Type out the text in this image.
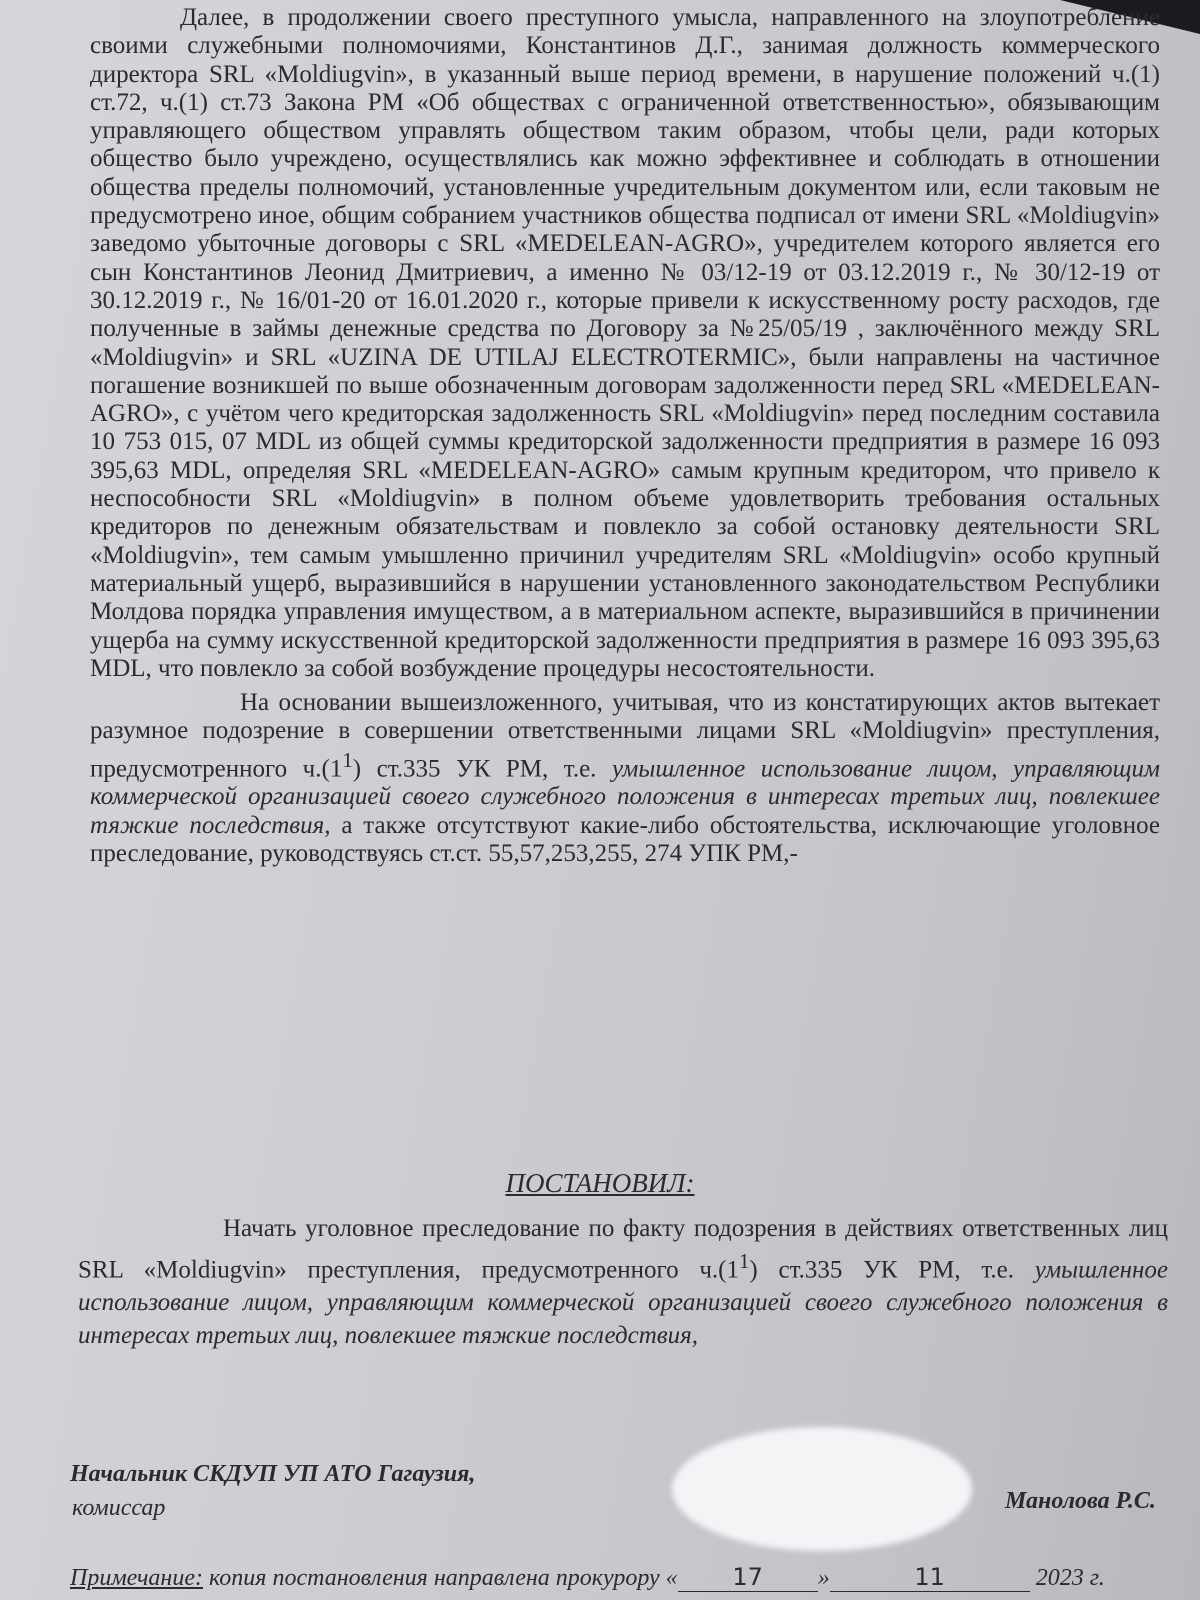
Далее, в продолжении своего преступного умысла, направленного на злоупотребление своими служебными полномочиями, Константинов Д.Г., занимая должность коммерческого директора SRL «Moldiugvin», в указанный выше период времени, в нарушение положений ч.(1) ст.72, ч.(1) ст.73 Закона РМ «Об обществах с ограниченной ответственностью», обязывающим управляющего обществом управлять обществом таким образом, чтобы цели, ради которых общество было учреждено, осуществлялись как можно эффективнее и соблюдать в отношении общества пределы полномочий, установленные учредительным документом или, если таковым не предусмотрено иное, общим собранием участников общества подписал от имени SRL «Moldiugvin» заведомо убыточные договоры с SRL «MEDELEAN-AGRO», учредителем которого является его сын Константинов Леонид Дмитриевич, а именно № 03/12-19 от 03.12.2019 г., № 30/12-19 от 30.12.2019 г., № 16/01-20 от 16.01.2020 г., которые привели к искусственному росту расходов, где полученные в займы денежные средства по Договору за №25/05/19 , заключённого между SRL «Moldiugvin» и SRL «UZINA DE UTILAJ ELECTROTERMIC», были направлены на частичное погашение возникшей по выше обозначенным договорам задолженности перед SRL «MEDELEAN-AGRO», с учётом чего кредиторская задолженность SRL «Moldiugvin» перед последним составила 10 753 015, 07 MDL из общей суммы кредиторской задолженности предприятия в размере 16 093 395,63 MDL, определяя SRL «MEDELEAN-AGRO» самым крупным кредитором, что привело к неспособности SRL «Moldiugvin» в полном объеме удовлетворить требования остальных кредиторов по денежным обязательствам и повлекло за собой остановку деятельности SRL «Moldiugvin», тем самым умышленно причинил учредителям SRL «Moldiugvin» особо крупный материальный ущерб, выразившийся в нарушении установленного законодательством Республики Молдова порядка управления имуществом, а в материальном аспекте, выразившийся в причинении ущерба на сумму искусственной кредиторской задолженности предприятия в размере 16 093 395,63 MDL, что повлекло за собой возбуждение процедуры несостоятельности.

На основании вышеизложенного, учитывая, что из констатирующих актов вытекает разумное подозрение в совершении ответственными лицами SRL «Moldiugvin» преступления, предусмотренного $ч.(1^1)$ ст.335 УК РМ, т.е. умышленное использование лицом, управляющим коммерческой организацией своего служебного положения в интересах третьих лиц, повлекшее тяжкие последствия, а также отсутствуют какие-либо обстоятельства, исключающие уголовное преследование, руководствуясь ст.ст. 55,57,253,255, 274 УПК РМ,-

ПОСТАНОВИЛ:
Начать уголовное преследование по факту подозрения в действиях ответственных лиц SRL «Moldiugvin» преступления, предусмотренного $ч.(1^1)$ ст.335 УК РМ, т.е. умышленное использование лицом, управляющим коммерческой организацией своего служебного положения в интересах третьих лиц, повлекшее тяжкие последствия,
Начальник СКДУП УП АТО Гагаузия,
комиссар	Манолова Р.С.
Примечание: копия постановления направлена прокурору « 17 »	11	2023 г.
